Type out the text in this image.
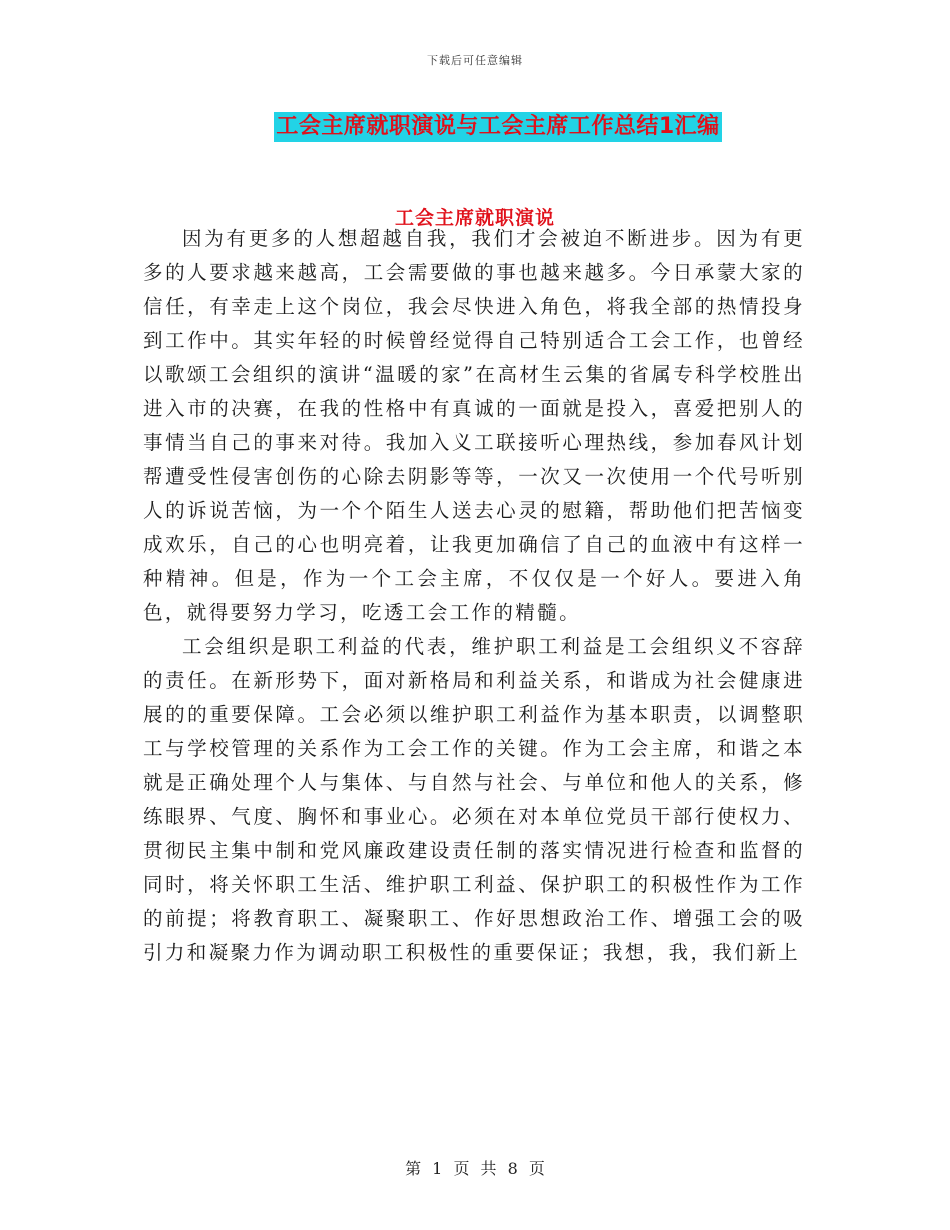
下载后可任意编辑
工会主席就职演说与工会主席工作总结1汇编
工会主席就职演说

因为有更多的人想超越自我，我们才会被迫不断进步。因为有更多的人要求越来越高，工会需要做的事也越来越多。今日承蒙大家的信任，有幸走上这个岗位，我会尽快进入角色，将我全部的热情投身到工作中。其实年轻的时候曾经觉得自己特别适合工会工作，也曾经以歌颂工会组织的演讲“温暖的家”在高材生云集的省属专科学校胜出进入市的决赛，在我的性格中有真诚的一面就是投入，喜爱把别人的事情当自己的事来对待。我加入义工联接听心理热线，参加春风计划帮遭受性侵害创伤的心除去阴影等等，一次又一次使用一个代号听别人的诉说苦恼，为一个个陌生人送去心灵的慰籍，帮助他们把苦恼变成欢乐，自己的心也明亮着，让我更加确信了自己的血液中有这样一种精神。但是，作为一个工会主席，不仅仅是一个好人。要进入角色，就得要努力学习，吃透工会工作的精髓。

工会组织是职工利益的代表，维护职工利益是工会组织义不容辞的责任。在新形势下，面对新格局和利益关系，和谐成为社会健康进展的的重要保障。工会必须以维护职工利益作为基本职责，以调整职工与学校管理的关系作为工会工作的关键。作为工会主席，和谐之本就是正确处理个人与集体、与自然与社会、与单位和他人的关系，修练眼界、气度、胸怀和事业心。必须在对本单位党员干部行使权力、贯彻民主集中制和党风廉政建设责任制的落实情况进行检查和监督的同时，将关怀职工生活、维护职工利益、保护职工的积极性作为工作的前提；将教育职工、凝聚职工、作好思想政治工作、增强工会的吸引力和凝聚力作为调动职工积极性的重要保证；我想，我，我们新上

第 1 页 共 8 页
